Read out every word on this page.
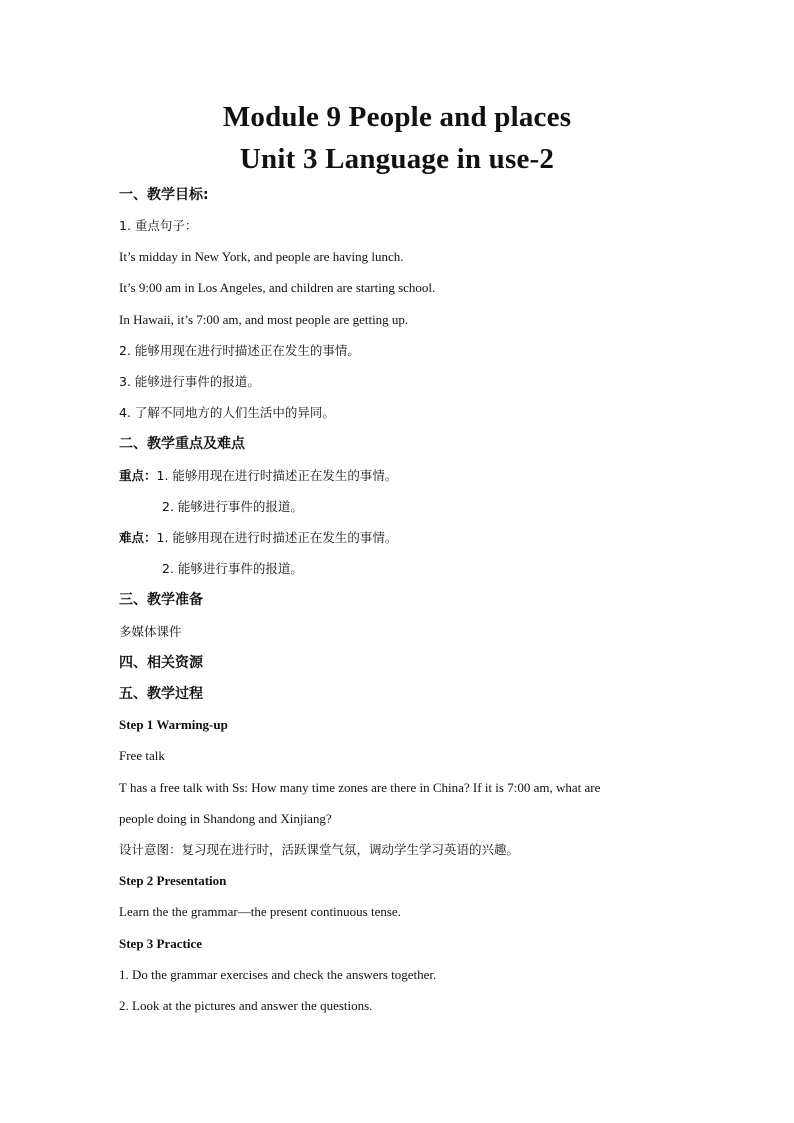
Module 9 People and places
Unit 3 Language in use-2
一、教学目标:
1. 重点句子：
It’s midday in New York, and people are having lunch.
It’s 9:00 am in Los Angeles, and children are starting school.
In Hawaii, it’s 7:00 am, and most people are getting up.
2. 能够用现在进行时描述正在发生的事情。
3. 能够进行事件的报道。
4. 了解不同地方的人们生活中的异同。
二、教学重点及难点
重点：1. 能够用现在进行时描述正在发生的事情。
2. 能够进行事件的报道。
难点：1. 能够用现在进行时描述正在发生的事情。
2. 能够进行事件的报道。
三、教学准备
多媒体课件
四、相关资源
五、教学过程
Step 1 Warming-up
Free talk
T has a free talk with Ss: How many time zones are there in China? If it is 7:00 am, what are
people doing in Shandong and Xinjiang?
设计意图：复习现在进行时，活跃课堂气氛，调动学生学习英语的兴趣。
Step 2 Presentation
Learn the the grammar—the present continuous tense.
Step 3 Practice
1. Do the grammar exercises and check the answers together.
2. Look at the pictures and answer the questions.
